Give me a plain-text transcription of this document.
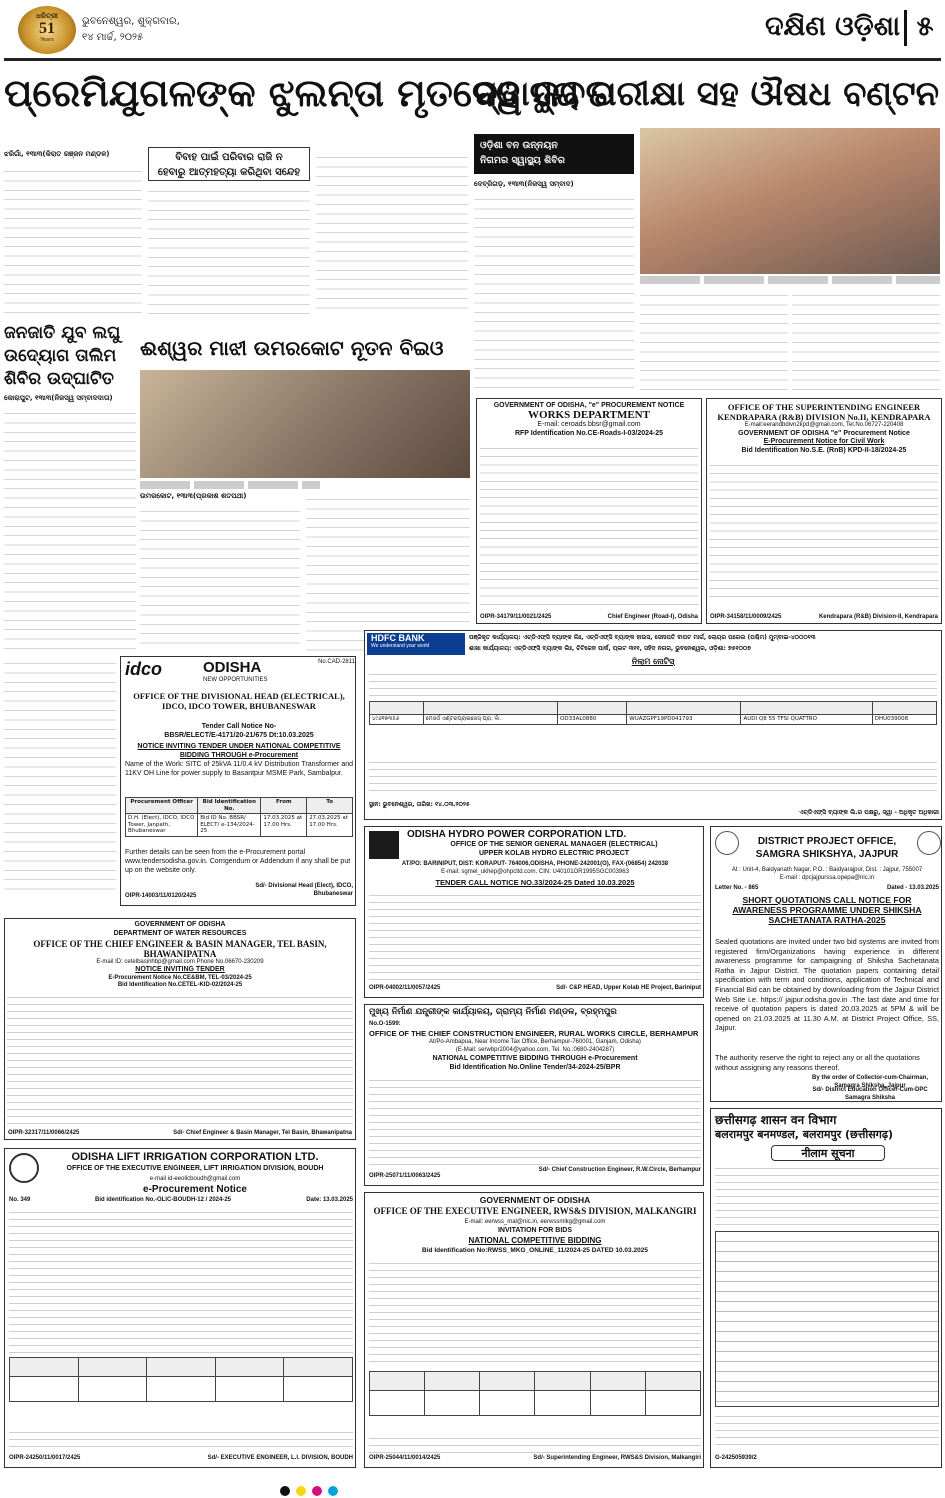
ଧରିତ୍ରୀ
51
Years
ଭୁବନେଶ୍ୱର, ଶୁକ୍ରବାର,
୧୪ ମାର୍ଚ୍ଚ, ୨୦୨୫	ଦକ୍ଷିଣ ଓଡ଼ିଶା ୫
ପ୍ରେମିଯୁଗଳଙ୍କ ଝୁଲନ୍ତା ମୃତଦେହ ଜବତ
ସ୍ୱାସ୍ଥ୍ୟ ପରୀକ୍ଷା ସହ ଔଷଧ ବଣ୍ଟନ
ଝରିଗାଁ, ୧୩ା୩(କିରାତ ରଞ୍ଜନ ମଣ୍ଡଳ)	ବିବାହ ପାଇଁ ପରିବାର ରାଜି ନ
ହେବାରୁ ଆତ୍ମହତ୍ୟା କରିଥିବା ସନ୍ଦେହ
ଓଡ଼ିଶା ବନ ଉନ୍ନୟନ
ନିଗମର ସ୍ୱାସ୍ଥ୍ୟ ଶିବିର
ଦେବ୍ରିଗଡ଼, ୧୩ା୩(ନିଜସ୍ୱ ସମ୍ବାଦ)
ଜନଜାତି ଯୁବ ଲଘୁ
ଉଦ୍ୟୋଗ ତାଲିମ
ଶିବିର ଉଦ୍‌ଘାଟିତ
ଈଶ୍ୱର ମାଝୀ ଉମରକୋଟ ନୂତନ ବିଇଓ
କୋରାପୁଟ, ୧୩ା୩(ନିଜସ୍ୱ ସମ୍ବାଦଦାତା)
ଉମରକୋଟ, ୧୩ା୩(ପ୍ରକାଶ ଶତପଥୀ)
GOVERNMENT OF ODISHA, "e" PROCUREMENT NOTICE
WORKS DEPARTMENT
E-mail: ceroads.bbsr@gmail.com
RFP Identification No.CE-Roads-I-03/2024-25
OIPR-34179/11/0021/2425	Chief Engineer (Road-I), Odisha
OFFICE OF THE SUPERINTENDING ENGINEER KENDRAPARA (R&B) DIVISION No.II, KENDRAPARA
E-mail:eerandbdivn2kpd@gmail.com, Tel.No.06727-220408
GOVERNMENT OF ODISHA "e" Procurement Notice
E-Procurement Notice for Civil Work
Bid Identification No.S.E. (RnB) KPD-II-18/2024-25
OIPR-34158/11/0009/2425	Kendrapara (R&B) Division-II, Kendrapara
HDFC BANK
We understand your world
ପଞ୍ଜିକୃତ କାର୍ଯ୍ୟାଳୟ: ଏଚ୍‌ଡିଏଫ୍‌ସି ବ୍ୟାଙ୍କ ଲିଃ, ଏଚ୍‌ଡିଏଫ୍‌ସି ବ୍ୟାଙ୍କ ହାଉସ, ସେନାପତି ବାପଟ ମାର୍ଗ, ଲୋୟର ପରେଲ (ପଶ୍ଚିମ) ମୁମ୍ବାଇ-୪୦୦୦୧୩
ଶାଖା କାର୍ଯ୍ୟାଳୟ: ଏଚ୍‌ଡିଏଫ୍‌ସି ବ୍ୟାଙ୍କ ଲିଃ, ଚିଟିଜେନ ପାର୍କ, ପ୍ଲଟ ୩୧୧, ସହିଦ ନଗର, ଭୁବନେଶ୍ୱର, ଓଡ଼ିଶା: ୭୫୧୦୦୭
ନିଲାମ ନୋଟିସ୍

୪୯୬୧୭୩୫୬	ମେସର୍ସ ଏଣ୍ଟରପ୍ରାଇଜେସ୍ ପ୍ରା. ଲି.	OD33AL0880	WUAZGPF19PD041793	AUDI Q8 55 TFSI QUATTRO	DHU039008
ସ୍ଥାନ: ଭୁବନେଶ୍ୱର, ତାରିଖ: ୧୪.୦୩.୨୦୨୫
ଏଚ୍‌ଡିଏଫ୍‌ସି ବ୍ୟାଙ୍କ ଲି.ର ପକ୍ଷରୁ, ସ୍ୱା - ଅଧିକୃତ ଅଧିକାରୀ
idco	ODISHA
NEW OPPORTUNITIES
No.CAD-2811
OFFICE OF THE DIVISIONAL HEAD (ELECTRICAL), IDCO, IDCO TOWER, BHUBANESWAR
Tender Call Notice No-
BBSR/ELECT/E-4171/20-21/675 Dt:10.03.2025
NOTICE INVITING TENDER UNDER NATIONAL COMPETITIVE BIDDING THROUGH e-Procurement
Name of the Work: SITC of 25kVA 11/0.4 kV Distribution Transformer and 11KV OH Line for power supply to Basantpur MSME Park, Sambalpur.
Procurement Officer	Bid Identification No.	From	To
D.H. (Elect), IDCO, IDCO Tower, Janpath, Bhubaneswar	Bid ID No. BBSR/ ELECT/ e-134/2024-25	17.03.2025 at 17.00 Hrs.	27.03.2025 at 17.00 Hrs.
Further details can be seen from the e-Procurement portal www.tendersodisha.gov.in. Corrigendum or Addendum if any shall be put up on the website only.
OIPR-14003/11/0120/2425
Sd/- Divisional Head (Elect), IDCO, Bhubaneswar
GOVERNMENT OF ODISHA
DEPARTMENT OF WATER RESOURCES
OFFICE OF THE CHIEF ENGINEER & BASIN MANAGER, TEL BASIN, BHAWANIPATNA
E-mail ID: cetelbasinhbp@gmail.com Phone No.06670-230209
NOTICE INVITING TENDER
E-Procurement Notice No.CE&BM, TEL-03/2024-25
Bid Identification No.CETEL-KID-02/2024-25
OIPR-32317/11/0066/2425	Sd/- Chief Engineer & Basin Manager, Tel Basin, Bhawanipatna
ODISHA HYDRO POWER CORPORATION LTD.
OFFICE OF THE SENIOR GENERAL MANAGER (ELECTRICAL)
UPPER KOLAB HYDRO ELECTRIC PROJECT
AT/PO: BARINIPUT, DIST: KORAPUT- 764006,ODISHA, PHONE-242001(O), FAX-(06854) 242038
E-mail: sgmel_ukhep@ohpcltd.com, CIN: U40101OR1995SGC003963
TENDER CALL NOTICE NO.33/2024-25 Dated 10.03.2025
OIPR-04002/11/0057/2425	Sd/- C&P HEAD, Upper Kolab HE Project, Bariniput
DISTRICT PROJECT OFFICE, SAMGRA SHIKSHYA, JAJPUR
At : Unit-4, Baidyanath Nagar, P.O. : Baidyarajpur, Dist. : Jajpur, 755007
E-mail : dpcjajpurssa.opepa@nic.in
Letter No. - 865	Dated - 13.03.2025
SHORT QUOTATIONS CALL NOTICE FOR AWARENESS PROGRAMME UNDER SHIKSHA SACHETANATA RATHA-2025
Sealed quotations are invited under two bid systems are invited from registered firm/Organizations having experience in different awareness programme for campaigning of Shiksha Sachetanata Ratha in Jajpur District. The quotation papers containing detail specification with term and conditions, application of Technical and Financial Bid can be obtained by downloading from the Jajpur District Web Site i.e. https:// jajpur.odisha.gov.in .The last date and time for receive of quotation papers is dated 20.03.2025 at 5PM & will be opened on 21.03.2025 at 11.30 A.M. at District Project Office, SS, Jajpur.
The authority reserve the right to reject any or all the quotations without assigning any reasons thereof.
By the order of Collector-cum-Chairman, Samagra Shiksha, Jajpur
Sd/- District Education Officer-Cum-DPC Samagra Shiksha
ମୁଖ୍ୟ ନିର୍ମାଣ ଯନ୍ତ୍ରୀଙ୍କ କାର୍ଯ୍ୟାଳୟ, ଗ୍ରାମ୍ୟ ନିର୍ମାଣ ମଣ୍ଡଳ, ବ୍ରହ୍ମପୁର
No.O-1599:
OFFICE OF THE CHIEF CONSTRUCTION ENGINEER, RURAL WORKS CIRCLE, BERHAMPUR
At/Po-Ambapua, Near Income Tax Office, Berhampur-760001, Ganjam, Odisha)
(E-Mail: serwbpr2004@yahoo.com, Tel. No.:0680-2404287)
NATIONAL COMPETITIVE BIDDING THROUGH e-Procurement
Bid Identification No.Online Tender/34-2024-25/BPR
OIPR-25071/11/0063/2425
Sd/- Chief Construction Engineer, R.W.Circle, Berhampur
ODISHA LIFT IRRIGATION CORPORATION LTD.
OFFICE OF THE EXECUTIVE ENGINEER, LIFT IRRIGATION DIVISION, BOUDH
e-mail id-eeolicboudh@gmail.com
e-Procurement Notice
No. 349	Bid identification No.-OLIC-BOUDH-12 / 2024-25	Date: 13.03.2025

OIPR-24250/11/0017/2425	Sd/- EXECUTIVE ENGINEER, L.I. DIVISION, BOUDH
GOVERNMENT OF ODISHA
OFFICE OF THE EXECUTIVE ENGINEER, RWS&S DIVISION, MALKANGIRI
E-mail: eerwss_mal@nic.in, eerwssmlkg@gmail.com
INVITATION FOR BIDS
NATIONAL COMPETITIVE BIDDING
Bid Identification No:RWSS_MKG_ONLINE_11/2024-25 DATED 10.03.2025

OIPR-25044/11/0014/2425	Sd/- Superintending Engineer, RWS&S Division, Malkangiri
छत्तीसगढ़ शासन वन विभाग
बलरामपुर बनमण्डल, बलरामपुर (छत्तीसगढ़)
नीलाम सूचना
G-242505939/2
